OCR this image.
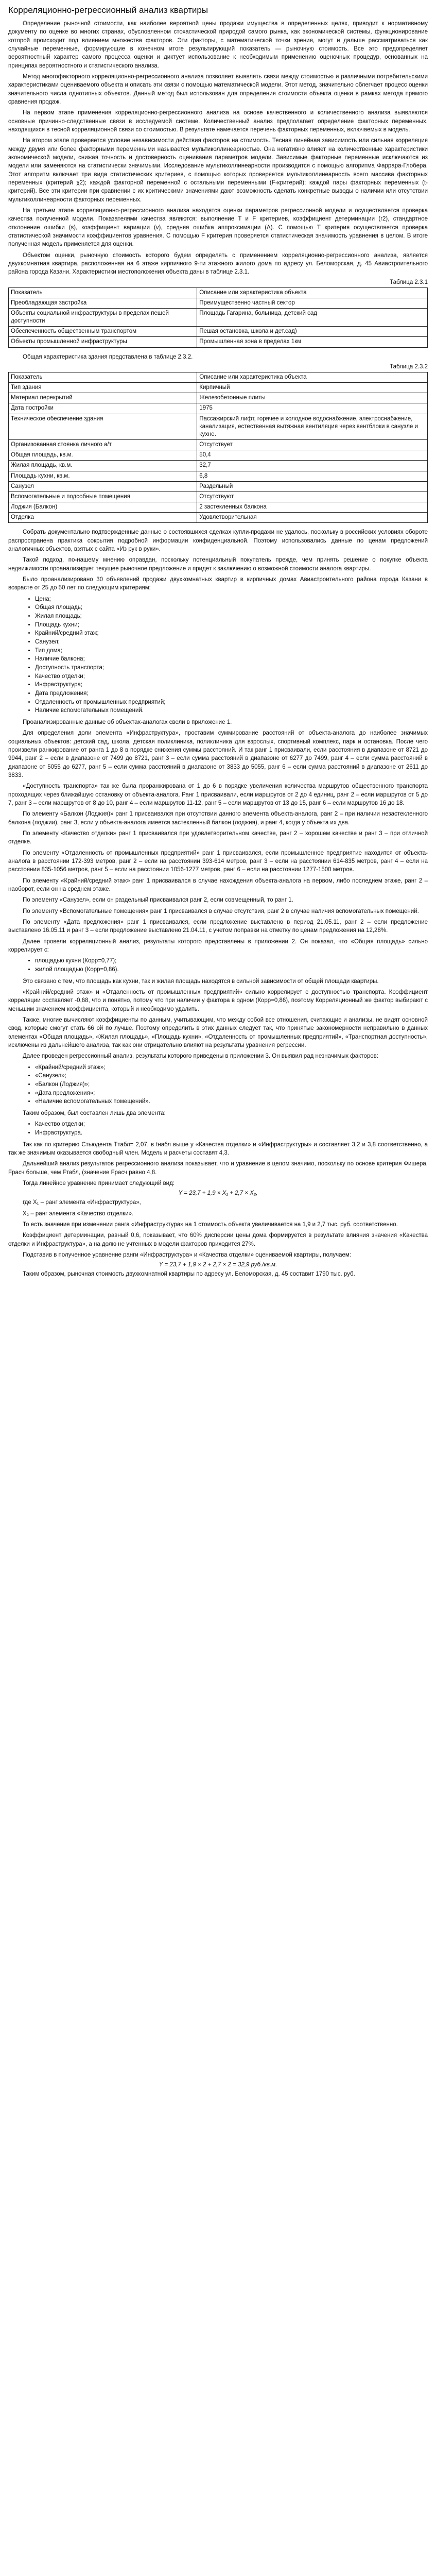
Корреляционно-регрессионный анализ квартиры

Определение рыночной стоимости, как наиболее вероятной цены продажи имущества в определенных целях, приводит к нормативному документу по оценке во многих странах, обусловленном стохастической природой самого рынка, как экономической системы, функционирование которой происходит под влиянием множества факторов. Эти факторы, с математической точки зрения, могут и дальше рассматриваться как случайные переменные, формирующие в конечном итоге результирующий показатель — рыночную стоимость. Все это предопределяет вероятностный характер самого процесса оценки и диктует использование к необходимым применению оценочных процедур, основанных на принципах вероятностного и статистического анализа.

Метод многофакторного корреляционно-регрессионного анализа позволяет выявлять связи между стоимостью и различными потребительскими характеристиками оцениваемого объекта и описать эти связи с помощью математической модели. Этот метод, значительно облегчает процесс оценки значительного числа однотипных объектов. Данный метод был использован для определения стоимости объекта оценки в рамках метода прямого сравнения продаж.

На первом этапе применения корреляционно-регрессионного анализа на основе качественного и количественного анализа выявляются основные причинно-следственные связи в исследуемой системе. Количественный анализ предполагает определение факторных переменных, находящихся в тесной корреляционной связи со стоимостью. В результате намечается перечень факторных переменных, включаемых в модель.

На втором этапе проверяется условие независимости действия факторов на стоимость. Тесная линейная зависимость или сильная корреляция между двумя или более факторными переменными называется мультиколлинеарностью. Она негативно влияет на количественные характеристики экономической модели, снижая точность и достоверность оценивания параметров модели. Зависимые факторные переменные исключаются из модели или заменяются на статистически значимыми. Исследование мультиколлинеарности производится с помощью алгоритма Фаррара-Глобера. Этот алгоритм включает три вида статистических критериев, с помощью которых проверяется мультиколлинеарность всего массива факторных переменных (критерий χ2); каждой факторной переменной с остальными переменными (F-критерий); каждой пары факторных переменных (t-критерий). Все эти критерии при сравнении с их критическими значениями дают возможность сделать конкретные выводы о наличии или отсутствии мультиколлинеарности факторных переменных.

На третьем этапе корреляционно-регрессионного анализа находятся оценки параметров регрессионной модели и осуществляется проверка качества полученной модели. Показателями качества являются: выполнение T и F критериев, коэффициент детерминации (r2), стандартное отклонение ошибки (s), коэффициент вариации (v), средняя ошибка аппроксимации (Δ). С помощью T критерия осуществляется проверка статистической значимости коэффициентов уравнения. С помощью F критерия проверяется статистическая значимость уравнения в целом. В итоге полученная модель применяется для оценки.

Объектом оценки, рыночную стоимость которого будем определять с применением корреляционно-регрессионного анализа, является двухкомнатная квартира, расположенная на 6 этаже кирпичного 9-ти этажного жилого дома по адресу ул. Беломорская, д. 45 Авиастроительного района города Казани. Характеристики местоположения объекта даны в таблице 2.3.1.

Таблица 2.3.1
Показатель	Описание или характеристика объекта
Преобладающая застройка	Преимущественно частный сектор
Объекты социальной инфраструктуры в пределах пешей доступности	Площадь Гагарина, больница, детский сад
Обеспеченность общественным транспортом	Пешая остановка, школа и дет.сад)
Объекты промышленной инфраструктуры	Промышленная зона в пределах 1км

Общая характеристика здания представлена в таблице 2.3.2.

Таблица 2.3.2
Показатель	Описание или характеристика объекта
Тип здания	Кирпичный
Материал перекрытий	Железобетонные плиты
Дата постройки	1975
Техническое обеспечение здания	Пассажирский лифт, горячее и холодное водоснабжение, электроснабжение, канализация, естественная вытяжная вентиляция через вентблоки в санузле и кухне.
Организованная стоянка личного а/т	Отсутствует
Общая площадь, кв.м.	50,4
Жилая площадь, кв.м.	32,7
Площадь кухни, кв.м.	6,8
Санузел	Раздельный
Вспомогательные и подсобные помещения	Отсутствуют
Лоджия (Балкон)	2 застекленных балкона
Отделка	Удовлетворительная

Собрать документально подтвержденные данные о состоявшихся сделках купли-продажи не удалось, поскольку в российских условиях обороте распространена практика сокрытия подробной информации конфиденциальной. Поэтому использовались данные по ценам предложений аналогичных объектов, взятых с сайта «Из рук в руки».

Такой подход, по-нашему мнению оправдан, поскольку потенциальный покупатель прежде, чем принять решение о покупке объекта недвижимости проанализирует текущее рыночное предложение и придет к заключению о возможной стоимости аналога квартиры.

Было проанализировано 30 объявлений продажи двухкомнатных квартир в кирпичных домах Авиастроительного района города Казани в возрасте от 25 до 50 лет по следующим критериям:

• Цена;
• Общая площадь;
• Жилая площадь;
• Площадь кухни;
• Крайний/средний этаж;
• Санузел;
• Тип дома;
• Наличие балкона;
• Доступность транспорта;
• Качество отделки;
• Инфраструктура;
• Дата предложения;
• Отдаленность от промышленных предприятий;
• Наличие вспомогательных помещений.

Проанализированные данные об объектах-аналогах свели в приложение 1.

Для определения доли элемента «Инфраструктура», проставим суммирование расстояний от объекта-аналога до наиболее значимых социальных объектов: детский сад, школа, детская поликлиника, поликлиника для взрослых, спортивный комплекс, парк и остановка. После чего произвели ранжирование от ранга 1 до 8 в порядке снижения суммы расстояний. И так ранг 1 присваивали, если расстояния в диапазоне от 8721 до 9944, ранг 2 – если в диапазоне от 7499 до 8721, ранг 3 – если сумма расстояний в диапазоне от 6277 до 7499, ранг 4 – если сумма расстояний в диапазоне от 5055 до 6277, ранг 5 – если сумма расстояний в диапазоне от 3833 до 5055, ранг 6 – если сумма расстояний в диапазоне от 2611 до 3833.

«Доступность транспорта» так же была проранжирована от 1 до 6 в порядке увеличения количества маршрутов общественного транспорта проходящих через ближайшую остановку от объекта-аналога. Ранг 1 присваивали, если маршрутов от 2 до 4 единиц, ранг 2 – если маршрутов от 5 до 7, ранг 3 – если маршрутов от 8 до 10, ранг 4 – если маршрутов 11-12, ранг 5 – если маршрутов от 13 до 15, ранг 6 – если маршрутов 16 до 18.

По элементу «Балкон (Лоджия)» ранг 1 присваивался при отсутствии данного элемента объекта-аналога, ранг 2 – при наличии незастекленного балкона (лоджии), ранг 3, если у объекта-аналога имеется застекленный балкон (лоджия), и ранг 4, когда у объекта их два.

По элементу «Качество отделки» ранг 1 присваивался при удовлетворительном качестве, ранг 2 – хорошем качестве и ранг 3 – при отличной отделке.

По элементу «Отдаленность от промышленных предприятий» ранг 1 присваивался, если промышленное предприятие находится от объекта-аналога в расстоянии 172-393 метров, ранг 2 – если на расстоянии 393-614 метров, ранг 3 – если на расстоянии 614-835 метров, ранг 4 – если на расстоянии 835-1056 метров, ранг 5 – если на расстоянии 1056-1277 метров, ранг 6 – если на расстоянии 1277-1500 метров.

По элементу «Крайний/средний этаж» ранг 1 присваивался в случае нахождения объекта-аналога на первом, либо последнем этаже, ранг 2 – наоборот, если он на среднем этаже.

По элементу «Санузел», если он раздельный присваивался ранг 2, если совмещенный, то ранг 1.

По элементу «Вспомогательные помещения» ранг 1 присваивался в случае отсутствия, ранг 2 в случае наличия вспомогательных помещений.

По элементу «Дата предложения» ранг 1 присваивался, если предложение выставлено в период 21.05.11, ранг 2 – если предложение выставлено 16.05.11 и ранг 3 – если предложение выставлено 21.04.11, с учетом поправки на отметку по ценам предложения на 12,28%.

Далее провели корреляционный анализ, результаты которого представлены в приложении 2. Он показал, что «Общая площадь» сильно коррелирует с:

• площадью кухни (Корр=0,77);
• жилой площадью (Корр=0,86).

Это связано с тем, что площадь как кухни, так и жилая площадь находятся в сильной зависимости от общей площади квартиры.

«Крайний/средний этаж» и «Отдаленность от промышленных предприятий» сильно коррелирует с доступностью транспорта. Коэффициент корреляции составляет -0,68, что и понятно, потому что при наличии у фактора в одном (Корр=0,86), поэтому Корреляционный же фактор выбирают с меньшим значением коэффициента, который и необходимо удалить.

Также, многие вычисляют коэффициенты по данным, учитывающим, что между собой все отношения, считающие и анализы, не видят основной свод, которые смогут стать 66 ой по лучше. Поэтому определить в этих данных следует так, что принятые закономерности неправильно в данных элементах «Общая площадь», «Жилая площадь», «Площадь кухни», «Отдаленность от промышленных предприятий», «Транспортная доступность», исключены из дальнейшего анализа, так как они отрицательно влияют на результаты уравнения регрессии.

Далее проведен регрессионный анализ, результаты которого приведены в приложении 3. Он выявил рад незначимых факторов:

• «Крайний/средний этаж»;
• «Санузел»;
• «Балкон (Лоджия)»;
• «Дата предложения»;
• «Наличие вспомогательных помещений».

Таким образом, был составлен лишь два элемента:

• Качество отделки;
• Инфраструктура.

Так как по критерию Стьюдента Tтабл= 2,07, в tнабл выше у «Качества отделки» и «Инфраструктуры» и составляет 3,2 и 3,8 соответственно, а так же значимым оказывается свободный член. Модель и расчеты составят 4,3.

Дальнейший анализ результатов регрессионного анализа показывает, что и уравнение в целом значимо, поскольку по основе критерия Фишера, Fрасч больше, чем Fтабл, (значение Fрасч равно 4,8.

Тогда линейное уравнение принимает следующий вид:

Y = 23,7 + 1,9 × X₁ + 2,7 × X₂,

где X₁ – ранг элемента «Инфраструктура»,

X₂ – ранг элемента «Качество отделки».

То есть значение при изменении ранга «Инфраструктура» на 1 стоимость объекта увеличивается на 1,9 и 2,7 тыс. руб. соответственно.

Коэффициент детерминации, равный 0,6, показывает, что 60% дисперсии цены дома формируется в результате влияния значения «Качества отделки и Инфраструктура», а на долю не учтенных в модели факторов приходится 27%.

Подставив в полученное уравнение ранги «Инфраструктура» и «Качества отделки» оцениваемой квартиры, получаем:

Y = 23,7 + 1,9 × 2 + 2,7 × 2 = 32,9 руб./кв.м.

Таким образом, рыночная стоимость двухкомнатной квартиры по адресу ул. Беломорская, д. 45 составит 1790 тыс. руб.
